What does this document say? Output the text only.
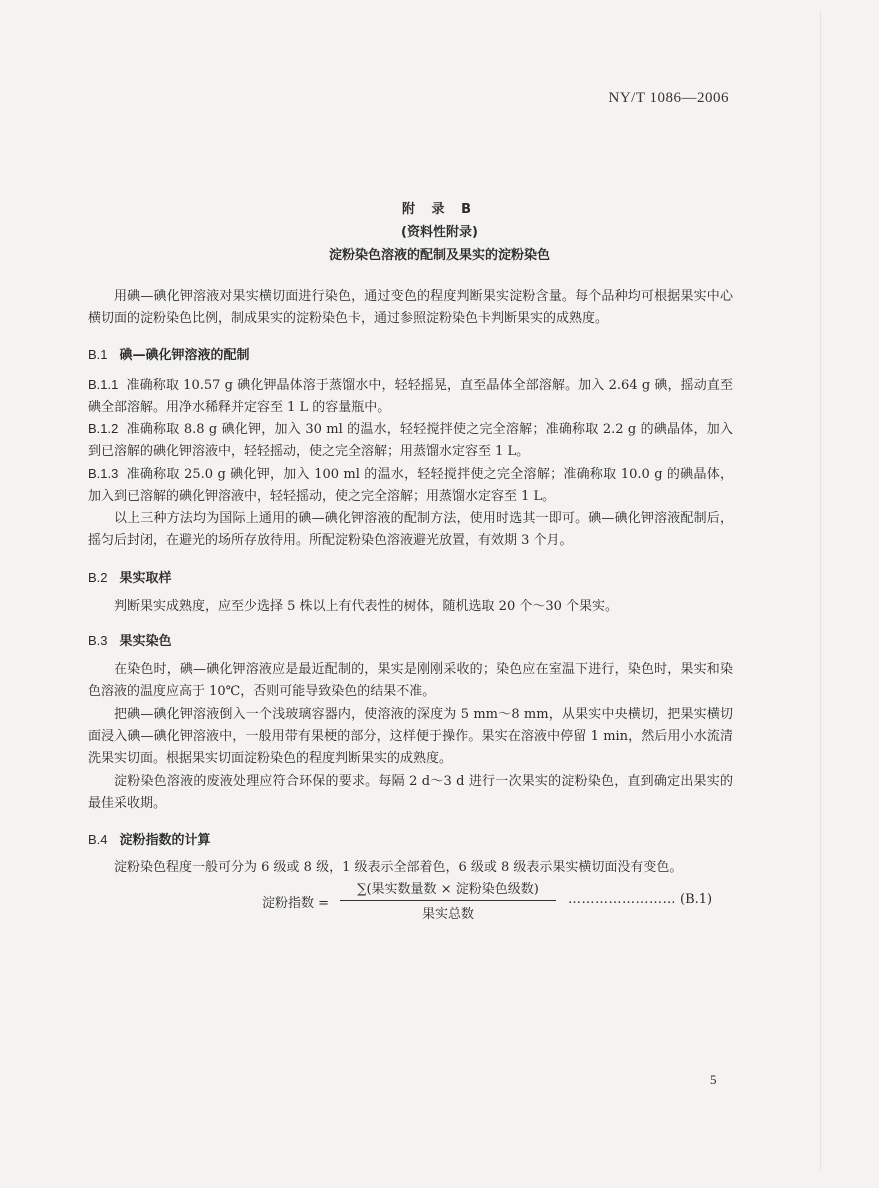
NY/T 1086—2006
附 录 B
(资料性附录)
淀粉染色溶液的配制及果实的淀粉染色
用碘—碘化钾溶液对果实横切面进行染色，通过变色的程度判断果实淀粉含量。每个品种均可根据果实中心横切面的淀粉染色比例，制成果实的淀粉染色卡，通过参照淀粉染色卡判断果实的成熟度。
B.1 碘—碘化钾溶液的配制
B.1.1 准确称取 10.57 g 碘化钾晶体溶于蒸馏水中，轻轻摇晃，直至晶体全部溶解。加入 2.64 g 碘，摇动直至碘全部溶解。用净水稀释并定容至 1 L 的容量瓶中。
B.1.2 准确称取 8.8 g 碘化钾，加入 30 ml 的温水，轻轻搅拌使之完全溶解；准确称取 2.2 g 的碘晶体，加入到已溶解的碘化钾溶液中，轻轻摇动，使之完全溶解；用蒸馏水定容至 1 L。
B.1.3 准确称取 25.0 g 碘化钾，加入 100 ml 的温水，轻轻搅拌使之完全溶解；准确称取 10.0 g 的碘晶体，加入到已溶解的碘化钾溶液中，轻轻摇动，使之完全溶解；用蒸馏水定容至 1 L。
以上三种方法均为国际上通用的碘—碘化钾溶液的配制方法，使用时选其一即可。碘—碘化钾溶液配制后，摇匀后封闭，在避光的场所存放待用。所配淀粉染色溶液避光放置，有效期 3 个月。
B.2 果实取样
判断果实成熟度，应至少选择 5 株以上有代表性的树体，随机选取 20 个～30 个果实。
B.3 果实染色
在染色时，碘—碘化钾溶液应是最近配制的，果实是刚刚采收的；染色应在室温下进行，染色时，果实和染色溶液的温度应高于 10℃，否则可能导致染色的结果不准。
把碘—碘化钾溶液倒入一个浅玻璃容器内，使溶液的深度为 5 mm～8 mm，从果实中央横切，把果实横切面浸入碘—碘化钾溶液中，一般用带有果梗的部分，这样便于操作。果实在溶液中停留 1 min，然后用小水流清洗果实切面。根据果实切面淀粉染色的程度判断果实的成熟度。
淀粉染色溶液的废液处理应符合环保的要求。每隔 2 d～3 d 进行一次果实的淀粉染色，直到确定出果实的最佳采收期。
B.4 淀粉指数的计算
淀粉染色程度一般可分为 6 级或 8 级，1 级表示全部着色，6 级或 8 级表示果实横切面没有变色。
淀粉指数 =
∑(果实数量数 × 淀粉染色级数)
果实总数
…………………… (B.1)
5
